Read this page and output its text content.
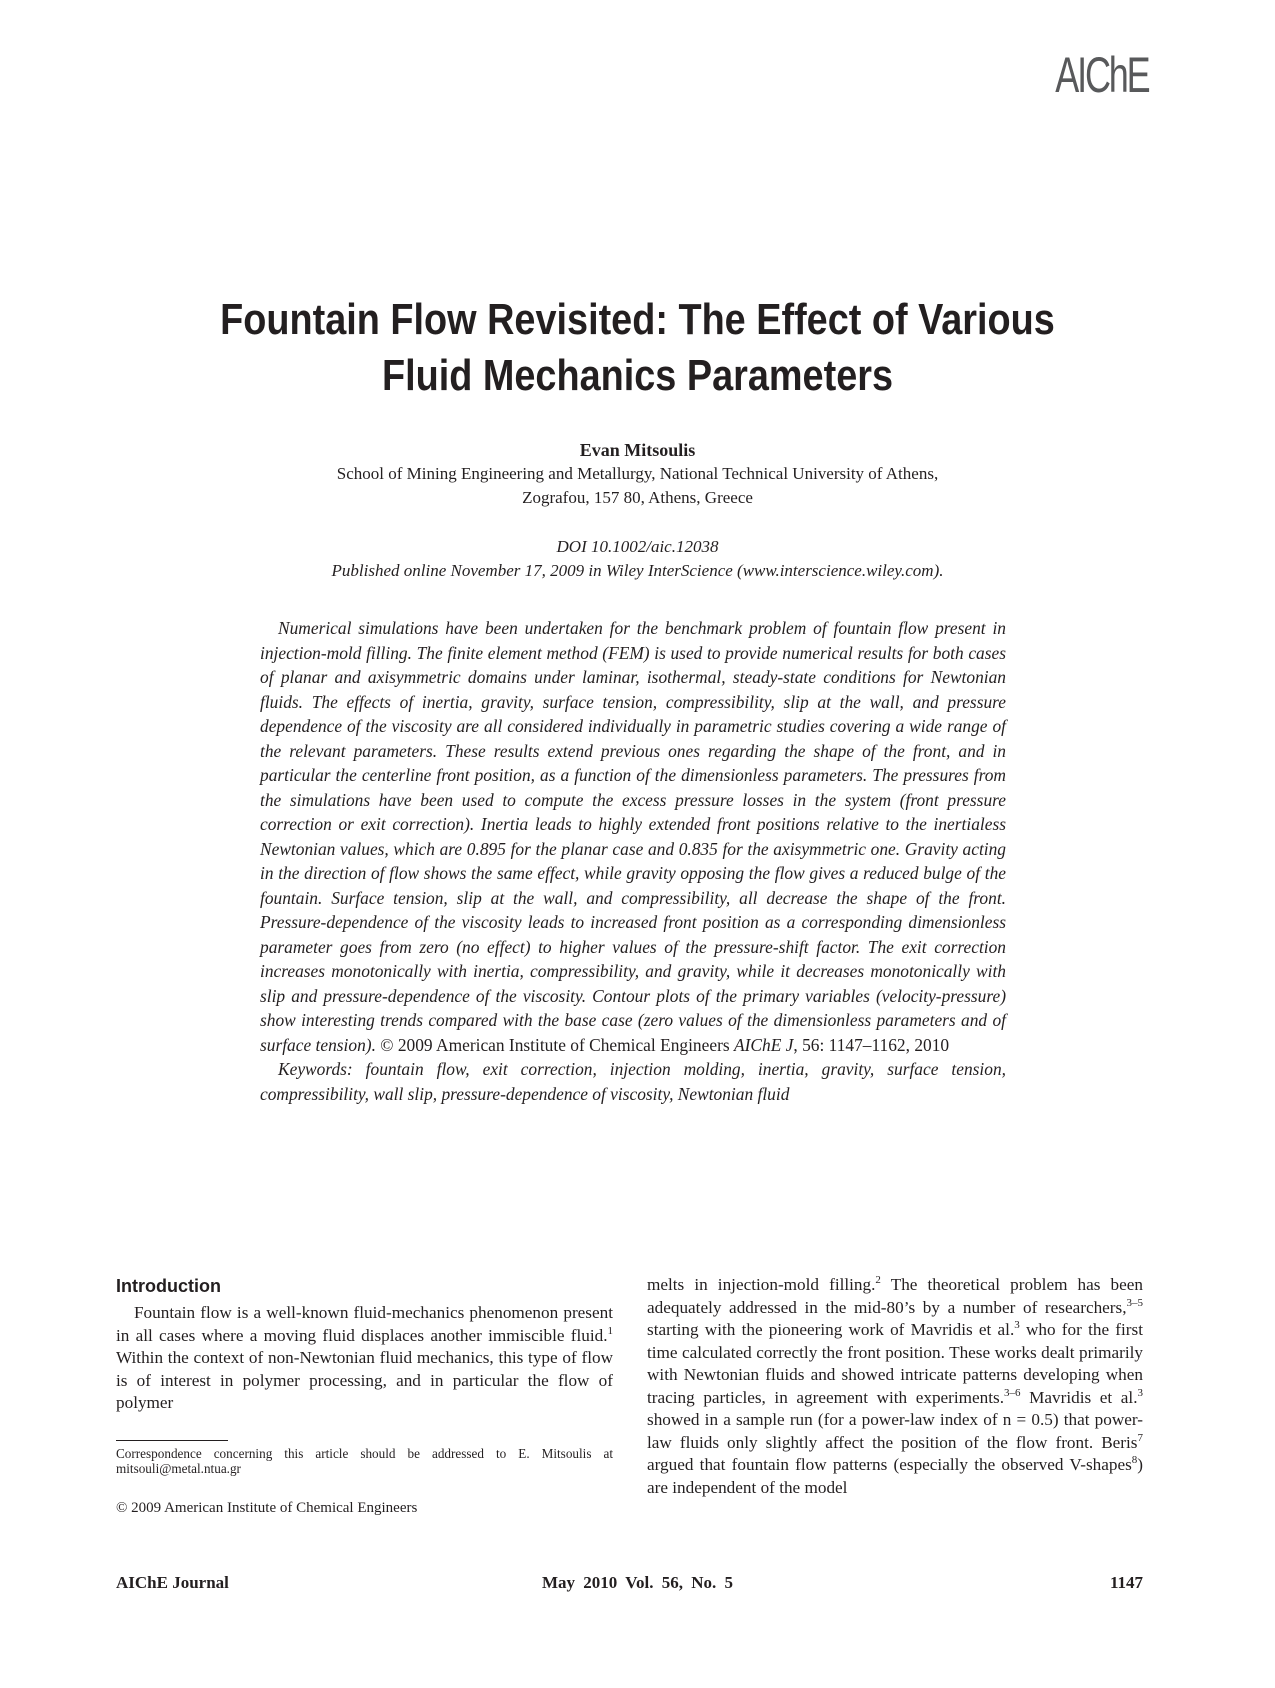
AIChE
Fountain Flow Revisited: The Effect of Various
Fluid Mechanics Parameters
Evan Mitsoulis
School of Mining Engineering and Metallurgy, National Technical University of Athens,
Zografou, 157 80, Athens, Greece
DOI 10.1002/aic.12038
Published online November 17, 2009 in Wiley InterScience (www.interscience.wiley.com).

Numerical simulations have been undertaken for the benchmark problem of fountain flow present in injection-mold filling. The finite element method (FEM) is used to provide numerical results for both cases of planar and axisymmetric domains under laminar, isothermal, steady-state conditions for Newtonian fluids. The effects of inertia, gravity, surface tension, compressibility, slip at the wall, and pressure dependence of the viscosity are all considered individually in parametric studies covering a wide range of the relevant parameters. These results extend previous ones regarding the shape of the front, and in particular the centerline front position, as a function of the dimensionless parameters. The pressures from the simulations have been used to compute the excess pressure losses in the system (front pressure correction or exit correction). Inertia leads to highly extended front positions relative to the inertialess Newtonian values, which are 0.895 for the planar case and 0.835 for the axisymmetric one. Gravity acting in the direction of flow shows the same effect, while gravity opposing the flow gives a reduced bulge of the fountain. Surface tension, slip at the wall, and compressibility, all decrease the shape of the front. Pressure-dependence of the viscosity leads to increased front position as a corresponding dimensionless parameter goes from zero (no effect) to higher values of the pressure-shift factor. The exit correction increases monotonically with inertia, compressibility, and gravity, while it decreases monotonically with slip and pressure-dependence of the viscosity. Contour plots of the primary variables (velocity-pressure) show interesting trends compared with the base case (zero values of the dimensionless parameters and of surface tension). © 2009 American Institute of Chemical Engineers AIChE J, 56: 1147–1162, 2010

Keywords: fountain flow, exit correction, injection molding, inertia, gravity, surface tension, compressibility, wall slip, pressure-dependence of viscosity, Newtonian fluid

Introduction

Fountain flow is a well-known fluid-mechanics phenomenon present in all cases where a moving fluid displaces another immiscible fluid.$^1$ Within the context of non-Newtonian fluid mechanics, this type of flow is of interest in polymer processing, and in particular the flow of polymer

melts in injection-mold filling.$^2$ The theoretical problem has been adequately addressed in the mid-80’s by a number of researchers,$^{3-5}$ starting with the pioneering work of Mavridis et al.$^3$ who for the first time calculated correctly the front position. These works dealt primarily with Newtonian fluids and showed intricate patterns developing when tracing particles, in agreement with experiments.$^{3-6}$ Mavridis et al.$^3$ showed in a sample run (for a power-law index of n = 0.5) that power-law fluids only slightly affect the position of the flow front. Beris$^7$ argued that fountain flow patterns (especially the observed V-shapes$^8$) are independent of the model

Correspondence concerning this article should be addressed to E. Mitsoulis at mitsouli@metal.ntua.gr
© 2009 American Institute of Chemical Engineers
AIChE Journal	May 2010 Vol. 56, No. 5	1147
